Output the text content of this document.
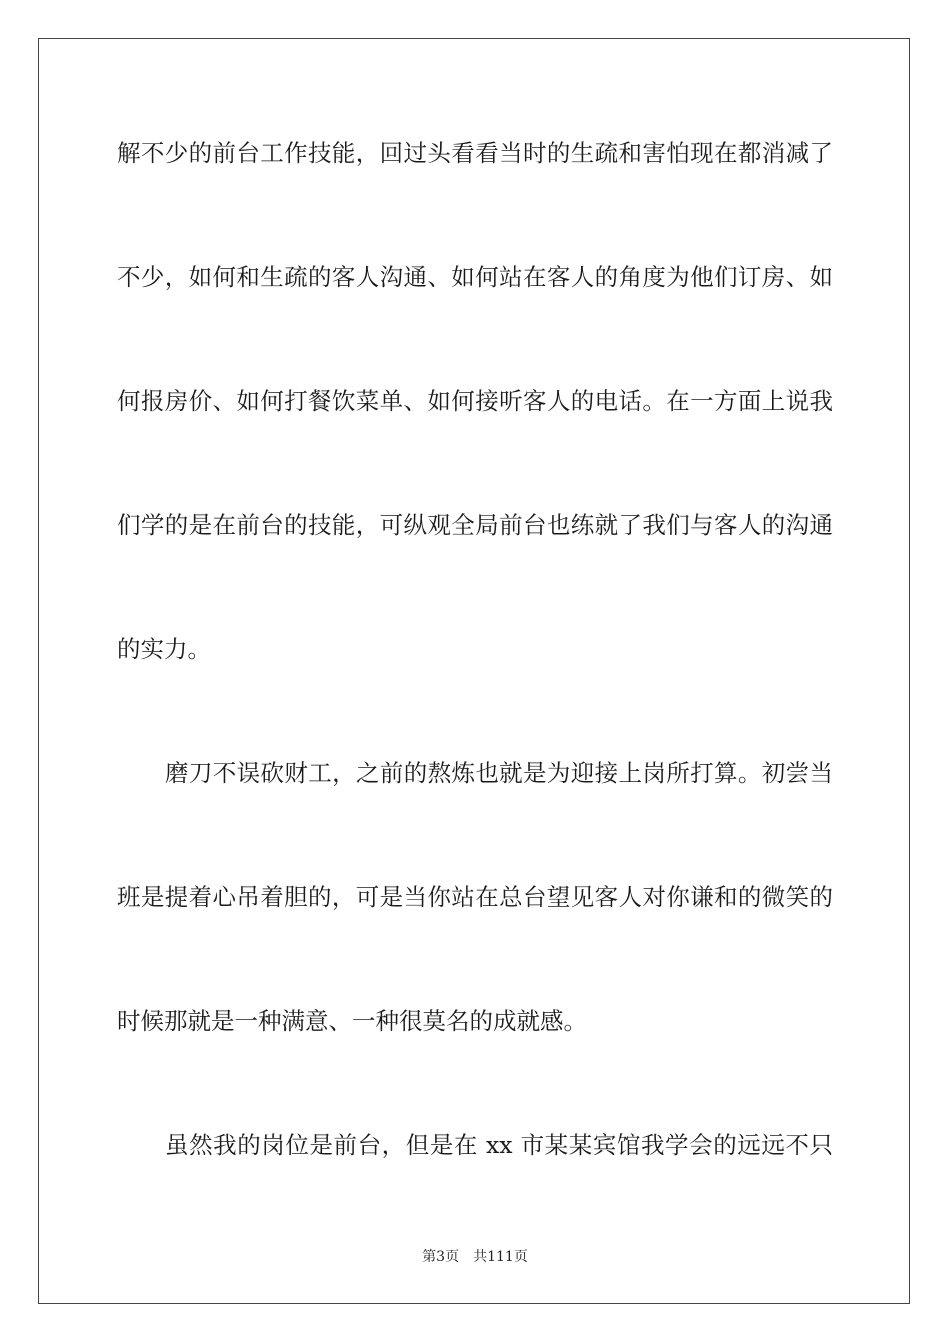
解不少的前台工作技能，回过头看看当时的生疏和害怕现在都消减了
不少，如何和生疏的客人沟通、如何站在客人的角度为他们订房、如
何报房价、如何打餐饮菜单、如何接听客人的电话。在一方面上说我
们学的是在前台的技能，可纵观全局前台也练就了我们与客人的沟通
的实力。
磨刀不误砍财工，之前的熬炼也就是为迎接上岗所打算。初尝当
班是提着心吊着胆的，可是当你站在总台望见客人对你谦和的微笑的
时候那就是一种满意、一种很莫名的成就感。
虽然我的岗位是前台，但是在 xx 市某某宾馆我学会的远远不只
第3页 共111页
